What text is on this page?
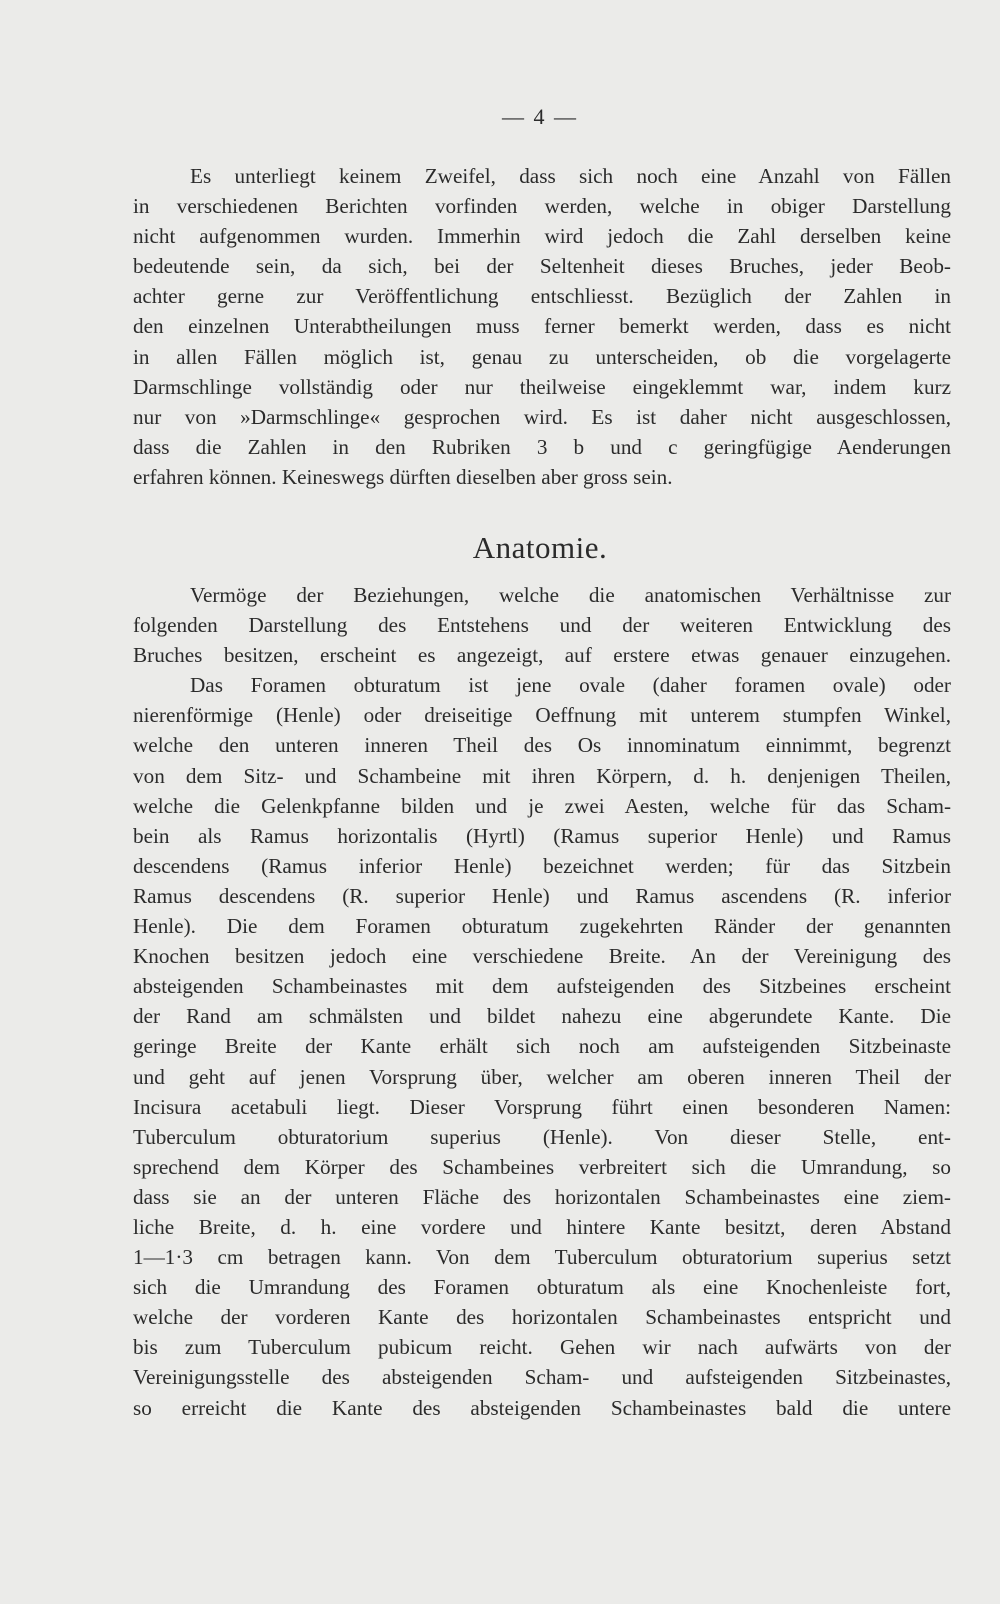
— 4 —
Es unterliegt keinem Zweifel, dass sich noch eine Anzahl von Fällen
in verschiedenen Berichten vorfinden werden, welche in obiger Darstellung
nicht aufgenommen wurden. Immerhin wird jedoch die Zahl derselben keine
bedeutende sein, da sich, bei der Seltenheit dieses Bruches, jeder Beob-
achter gerne zur Veröffentlichung entschliesst. Bezüglich der Zahlen in
den einzelnen Unterabtheilungen muss ferner bemerkt werden, dass es nicht
in allen Fällen möglich ist, genau zu unterscheiden, ob die vorgelagerte
Darmschlinge vollständig oder nur theilweise eingeklemmt war, indem kurz
nur von »Darmschlinge« gesprochen wird. Es ist daher nicht ausgeschlossen,
dass die Zahlen in den Rubriken 3 b und c geringfügige Aenderungen
erfahren können. Keineswegs dürften dieselben aber gross sein.
Anatomie.
Vermöge der Beziehungen, welche die anatomischen Verhältnisse zur
folgenden Darstellung des Entstehens und der weiteren Entwicklung des
Bruches besitzen, erscheint es angezeigt, auf erstere etwas genauer einzugehen.
Das Foramen obturatum ist jene ovale (daher foramen ovale) oder
nierenförmige (Henle) oder dreiseitige Oeffnung mit unterem stumpfen Winkel,
welche den unteren inneren Theil des Os innominatum einnimmt, begrenzt
von dem Sitz- und Schambeine mit ihren Körpern, d. h. denjenigen Theilen,
welche die Gelenkpfanne bilden und je zwei Aesten, welche für das Scham-
bein als Ramus horizontalis (Hyrtl) (Ramus superior Henle) und Ramus
descendens (Ramus inferior Henle) bezeichnet werden; für das Sitzbein
Ramus descendens (R. superior Henle) und Ramus ascendens (R. inferior
Henle). Die dem Foramen obturatum zugekehrten Ränder der genannten
Knochen besitzen jedoch eine verschiedene Breite. An der Vereinigung des
absteigenden Schambeinastes mit dem aufsteigenden des Sitzbeines erscheint
der Rand am schmälsten und bildet nahezu eine abgerundete Kante. Die
geringe Breite der Kante erhält sich noch am aufsteigenden Sitzbeinaste
und geht auf jenen Vorsprung über, welcher am oberen inneren Theil der
Incisura acetabuli liegt. Dieser Vorsprung führt einen besonderen Namen:
Tuberculum obturatorium superius (Henle). Von dieser Stelle, ent-
sprechend dem Körper des Schambeines verbreitert sich die Umrandung, so
dass sie an der unteren Fläche des horizontalen Schambeinastes eine ziem-
liche Breite, d. h. eine vordere und hintere Kante besitzt, deren Abstand
1—1·3 cm betragen kann. Von dem Tuberculum obturatorium superius setzt
sich die Umrandung des Foramen obturatum als eine Knochenleiste fort,
welche der vorderen Kante des horizontalen Schambeinastes entspricht und
bis zum Tuberculum pubicum reicht. Gehen wir nach aufwärts von der
Vereinigungsstelle des absteigenden Scham- und aufsteigenden Sitzbeinastes,
so erreicht die Kante des absteigenden Schambeinastes bald die untere
